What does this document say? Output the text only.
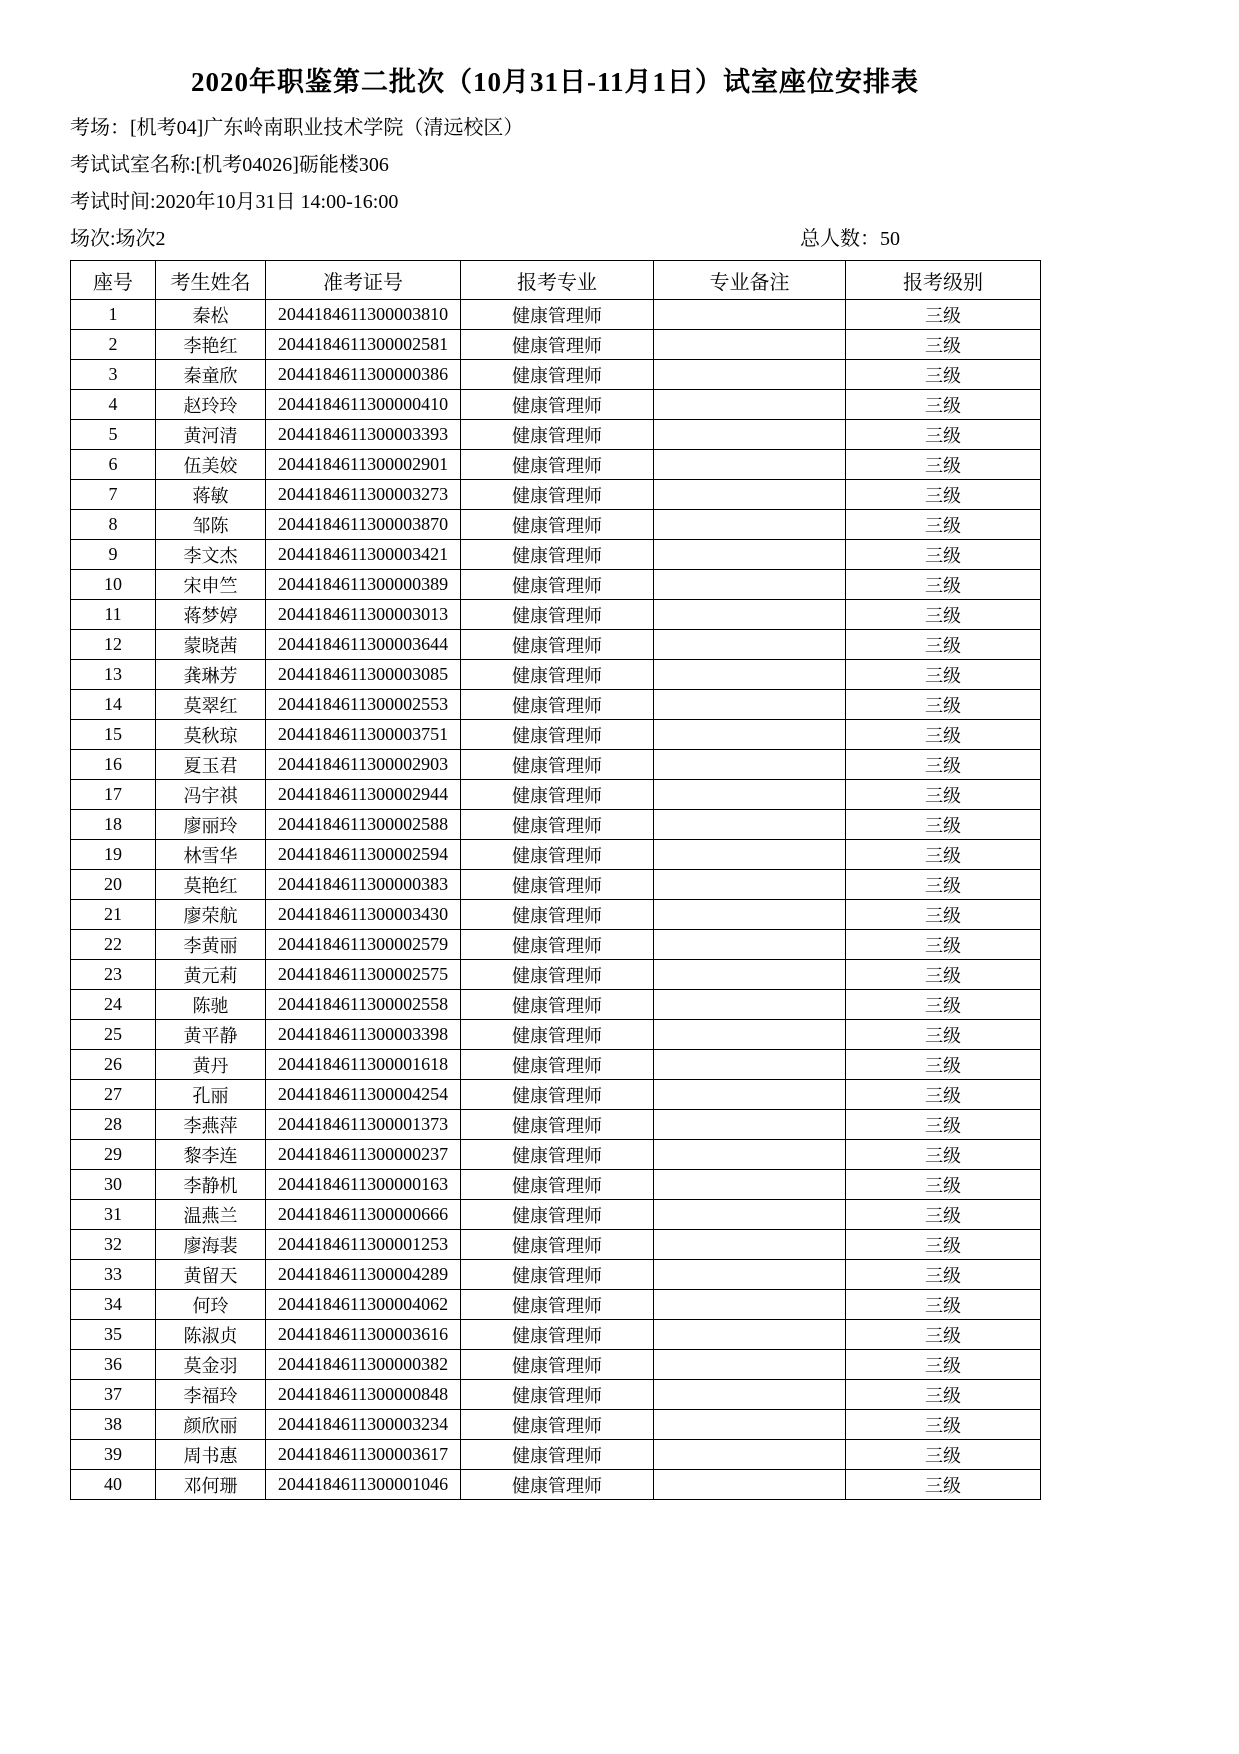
2020年职鉴第二批次（10月31日-11月1日）试室座位安排表
考场：[机考04]广东岭南职业技术学院（清远校区）
考试试室名称:[机考04026]砺能楼306
考试时间:2020年10月31日 14:00-16:00
场次:场次2	总人数：50
座号	考生姓名	准考证号	报考专业	专业备注	报考级别
1	秦松	2044184611300003810	健康管理师		三级
2	李艳红	2044184611300002581	健康管理师		三级
3	秦童欣	2044184611300000386	健康管理师		三级
4	赵玲玲	2044184611300000410	健康管理师		三级
5	黄河清	2044184611300003393	健康管理师		三级
6	伍美姣	2044184611300002901	健康管理师		三级
7	蒋敏	2044184611300003273	健康管理师		三级
8	邹陈	2044184611300003870	健康管理师		三级
9	李文杰	2044184611300003421	健康管理师		三级
10	宋申竺	2044184611300000389	健康管理师		三级
11	蒋梦婷	2044184611300003013	健康管理师		三级
12	蒙晓茜	2044184611300003644	健康管理师		三级
13	龚琳芳	2044184611300003085	健康管理师		三级
14	莫翠红	2044184611300002553	健康管理师		三级
15	莫秋琼	2044184611300003751	健康管理师		三级
16	夏玉君	2044184611300002903	健康管理师		三级
17	冯宇祺	2044184611300002944	健康管理师		三级
18	廖丽玲	2044184611300002588	健康管理师		三级
19	林雪华	2044184611300002594	健康管理师		三级
20	莫艳红	2044184611300000383	健康管理师		三级
21	廖荣航	2044184611300003430	健康管理师		三级
22	李黄丽	2044184611300002579	健康管理师		三级
23	黄元莉	2044184611300002575	健康管理师		三级
24	陈驰	2044184611300002558	健康管理师		三级
25	黄平静	2044184611300003398	健康管理师		三级
26	黄丹	2044184611300001618	健康管理师		三级
27	孔丽	2044184611300004254	健康管理师		三级
28	李燕萍	2044184611300001373	健康管理师		三级
29	黎李连	2044184611300000237	健康管理师		三级
30	李静机	2044184611300000163	健康管理师		三级
31	温燕兰	2044184611300000666	健康管理师		三级
32	廖海裴	2044184611300001253	健康管理师		三级
33	黄留天	2044184611300004289	健康管理师		三级
34	何玲	2044184611300004062	健康管理师		三级
35	陈淑贞	2044184611300003616	健康管理师		三级
36	莫金羽	2044184611300000382	健康管理师		三级
37	李福玲	2044184611300000848	健康管理师		三级
38	颜欣丽	2044184611300003234	健康管理师		三级
39	周书惠	2044184611300003617	健康管理师		三级
40	邓何珊	2044184611300001046	健康管理师		三级
